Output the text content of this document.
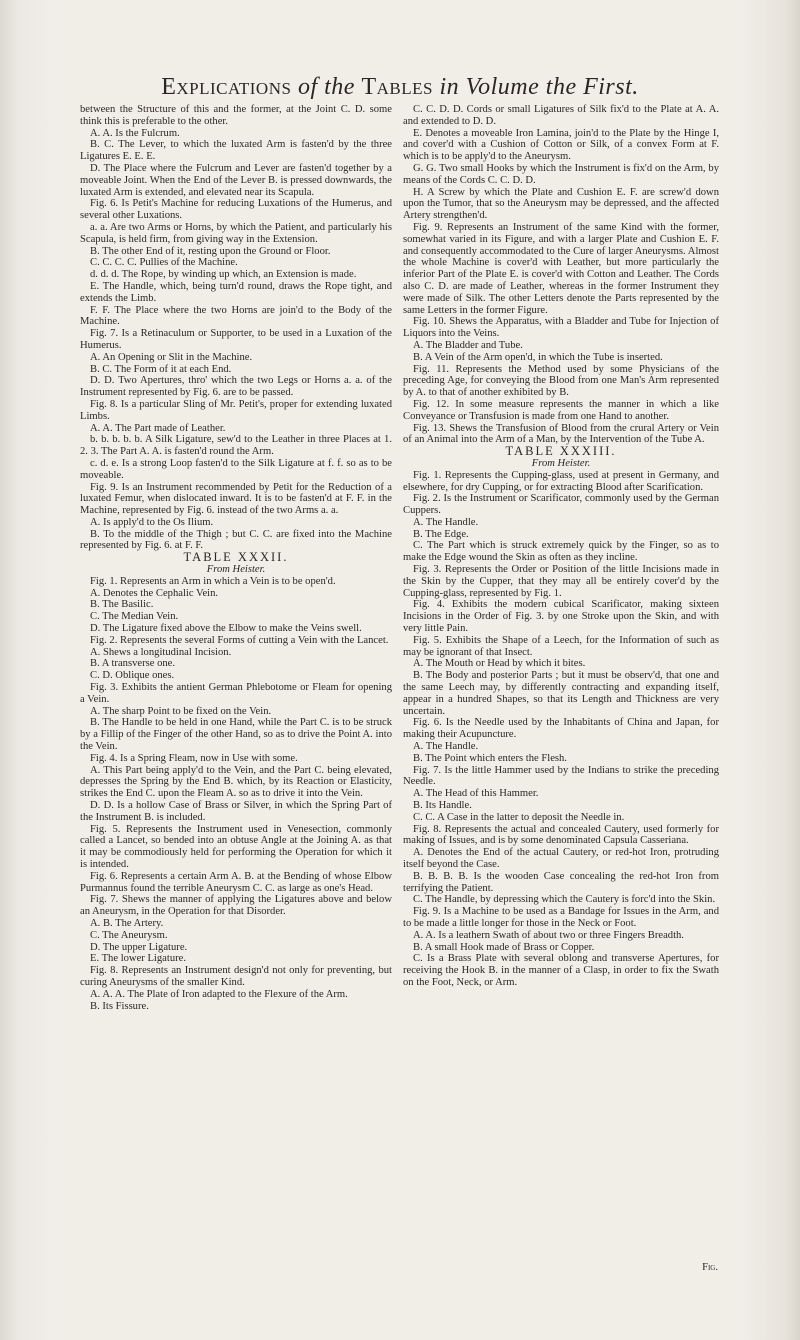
Explications of the Tables in Volume the First.

between the Structure of this and the former, at the Joint C. D. some think this is preferable to the other.

A. A. Is the Fulcrum.

B. C. The Lever, to which the luxated Arm is fasten'd by the three Ligatures E. E. E.

D. The Place where the Fulcrum and Lever are fasten'd together by a moveable Joint. When the End of the Lever B. is pressed downwards, the luxated Arm is extended, and elevated near its Scapula.

Fig. 6. Is Petit's Machine for reducing Luxations of the Humerus, and several other Luxations.

a. a. Are two Arms or Horns, by which the Patient, and particularly his Scapula, is held firm, from giving way in the Extension.

B. The other End of it, resting upon the Ground or Floor.

C. C. C. C. Pullies of the Machine.

d. d. d. The Rope, by winding up which, an Extension is made.

E. The Handle, which, being turn'd round, draws the Rope tight, and extends the Limb.

F. F. The Place where the two Horns are join'd to the Body of the Machine.

Fig. 7. Is a Retinaculum or Supporter, to be used in a Luxation of the Humerus.

A. An Opening or Slit in the Machine.

B. C. The Form of it at each End.

D. D. Two Apertures, thro' which the two Legs or Horns a. a. of the Instrument represented by Fig. 6. are to be passed.

Fig. 8. Is a particular Sling of Mr. Petit's, proper for extending luxated Limbs.

A. A. The Part made of Leather.

b. b. b. b. b. A Silk Ligature, sew'd to the Leather in three Places at 1. 2. 3. The Part A. A. is fasten'd round the Arm.

c. d. e. Is a strong Loop fasten'd to the Silk Ligature at f. f. so as to be moveable.

Fig. 9. Is an Instrument recommended by Petit for the Reduction of a luxated Femur, when dislocated inward. It is to be fasten'd at F. F. in the Machine, represented by Fig. 6. instead of the two Arms a. a.

A. Is apply'd to the Os Ilium.

B. To the middle of the Thigh ; but C. C. are fixed into the Machine represented by Fig. 6. at F. F.

TABLE XXXII.

From Heister.

Fig. 1. Represents an Arm in which a Vein is to be open'd.

A. Denotes the Cephalic Vein.

B. The Basilic.

C. The Median Vein.

D. The Ligature fixed above the Elbow to make the Veins swell.

Fig. 2. Represents the several Forms of cutting a Vein with the Lancet.

A. Shews a longitudinal Incision.

B. A transverse one.

C. D. Oblique ones.

Fig. 3. Exhibits the antient German Phlebotome or Fleam for opening a Vein.

A. The sharp Point to be fixed on the Vein.

B. The Handle to be held in one Hand, while the Part C. is to be struck by a Fillip of the Finger of the other Hand, so as to drive the Point A. into the Vein.

Fig. 4. Is a Spring Fleam, now in Use with some.

A. This Part being apply'd to the Vein, and the Part C. being elevated, depresses the Spring by the End B. which, by its Reaction or Elasticity, strikes the End C. upon the Fleam A. so as to drive it into the Vein.

D. D. Is a hollow Case of Brass or Silver, in which the Spring Part of the Instrument B. is included.

Fig. 5. Represents the Instrument used in Venesection, commonly called a Lancet, so bended into an obtuse Angle at the Joining A. as that it may be commodiously held for performing the Operation for which it is intended.

Fig. 6. Represents a certain Arm A. B. at the Bending of whose Elbow Purmannus found the terrible Aneurysm C. C. as large as one's Head.

Fig. 7. Shews the manner of applying the Ligatures above and below an Aneurysm, in the Operation for that Disorder.

A. B. The Artery.

C. The Aneurysm.

D. The upper Ligature.

E. The lower Ligature.

Fig. 8. Represents an Instrument design'd not only for preventing, but curing Aneurysms of the smaller Kind.

A. A. A. The Plate of Iron adapted to the Flexure of the Arm.

B. Its Fissure.

C. C. D. D. Cords or small Ligatures of Silk fix'd to the Plate at A. A. and extended to D. D.

E. Denotes a moveable Iron Lamina, join'd to the Plate by the Hinge I, and cover'd with a Cushion of Cotton or Silk, of a convex Form at F. which is to be apply'd to the Aneurysm.

G. G. Two small Hooks by which the Instrument is fix'd on the Arm, by means of the Cords C. C. D. D.

H. A Screw by which the Plate and Cushion E. F. are screw'd down upon the Tumor, that so the Aneurysm may be depressed, and the affected Artery strengthen'd.

Fig. 9. Represents an Instrument of the same Kind with the former, somewhat varied in its Figure, and with a larger Plate and Cushion E. F. and consequently accommodated to the Cure of larger Aneurysms. Almost the whole Machine is cover'd with Leather, but more particularly the inferior Part of the Plate E. is cover'd with Cotton and Leather. The Cords also C. D. are made of Leather, whereas in the former Instrument they were made of Silk. The other Letters denote the Parts represented by the same Letters in the former Figure.

Fig. 10. Shews the Apparatus, with a Bladder and Tube for Injection of Liquors into the Veins.

A. The Bladder and Tube.

B. A Vein of the Arm open'd, in which the Tube is inserted.

Fig. 11. Represents the Method used by some Physicians of the preceding Age, for conveying the Blood from one Man's Arm represented by A. to that of another exhibited by B.

Fig. 12. In some measure represents the manner in which a like Conveyance or Transfusion is made from one Hand to another.

Fig. 13. Shews the Transfusion of Blood from the crural Artery or Vein of an Animal into the Arm of a Man, by the Intervention of the Tube A.

TABLE XXXIII.

From Heister.

Fig. 1. Represents the Cupping-glass, used at present in Germany, and elsewhere, for dry Cupping, or for extracting Blood after Scarification.

Fig. 2. Is the Instrument or Scarificator, commonly used by the German Cuppers.

A. The Handle.

B. The Edge.

C. The Part which is struck extremely quick by the Finger, so as to make the Edge wound the Skin as often as they incline.

Fig. 3. Represents the Order or Position of the little Incisions made in the Skin by the Cupper, that they may all be entirely cover'd by the Cupping-glass, represented by Fig. 1.

Fig. 4. Exhibits the modern cubical Scarificator, making sixteen Incisions in the Order of Fig. 3. by one Stroke upon the Skin, and with very little Pain.

Fig. 5. Exhibits the Shape of a Leech, for the Information of such as may be ignorant of that Insect.

A. The Mouth or Head by which it bites.

B. The Body and posterior Parts ; but it must be observ'd, that one and the same Leech may, by differently contracting and expanding itself, appear in a hundred Shapes, so that its Length and Thickness are very uncertain.

Fig. 6. Is the Needle used by the Inhabitants of China and Japan, for making their Acupuncture.

A. The Handle.

B. The Point which enters the Flesh.

Fig. 7. Is the little Hammer used by the Indians to strike the preceding Needle.

A. The Head of this Hammer.

B. Its Handle.

C. C. A Case in the latter to deposit the Needle in.

Fig. 8. Represents the actual and concealed Cautery, used formerly for making of Issues, and is by some denominated Capsula Casseriana.

A. Denotes the End of the actual Cautery, or red-hot Iron, protruding itself beyond the Case.

B. B. B. B. Is the wooden Case concealing the red-hot Iron from terrifying the Patient.

C. The Handle, by depressing which the Cautery is forc'd into the Skin.

Fig. 9. Is a Machine to be used as a Bandage for Issues in the Arm, and to be made a little longer for those in the Neck or Foot.

A. A. Is a leathern Swath of about two or three Fingers Breadth.

B. A small Hook made of Brass or Copper.

C. Is a Brass Plate with several oblong and transverse Apertures, for receiving the Hook B. in the manner of a Clasp, in order to fix the Swath on the Foot, Neck, or Arm.

Fig.
